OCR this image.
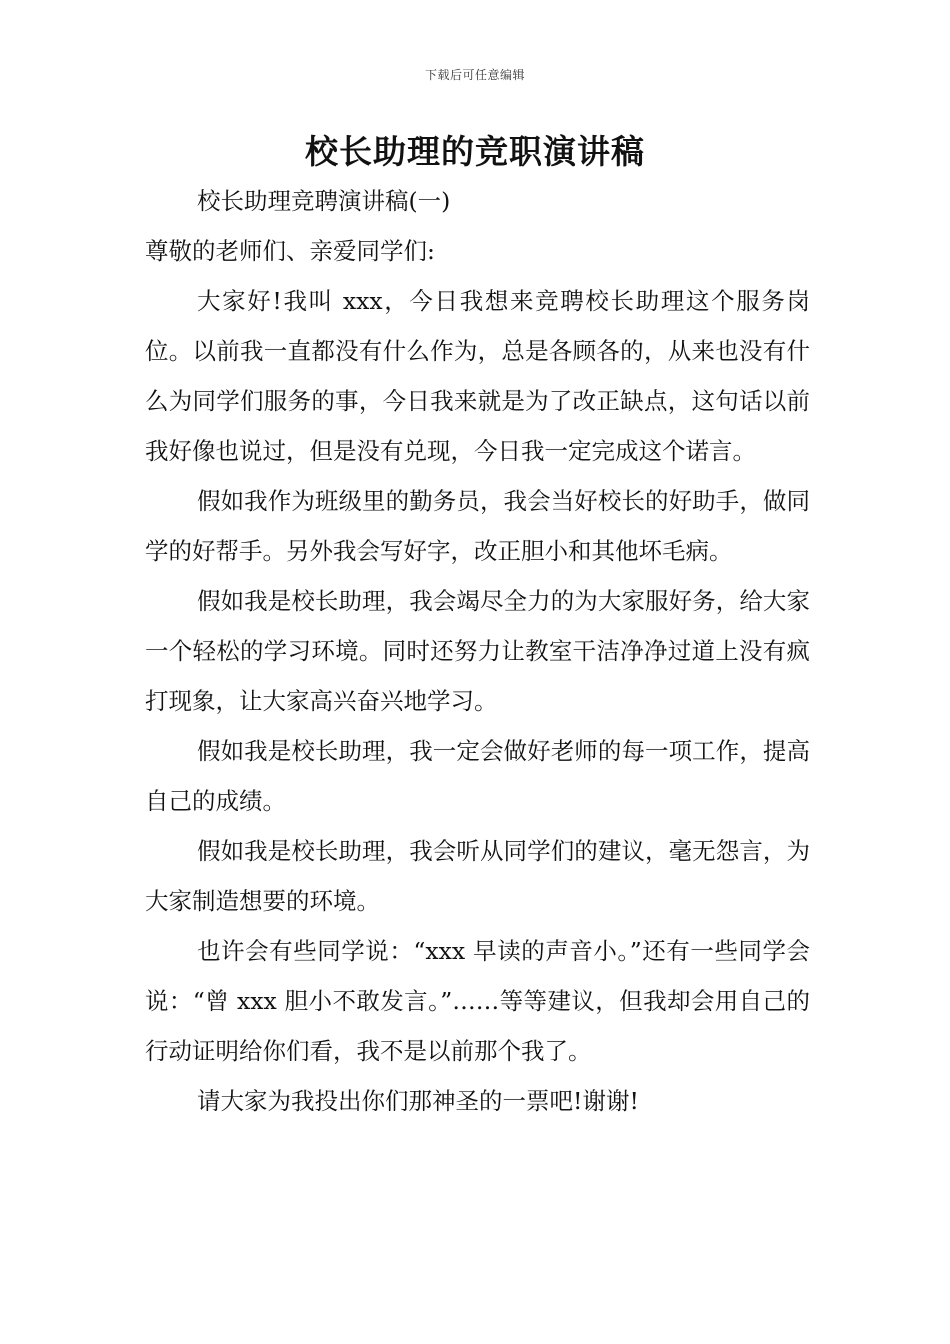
下载后可任意编辑
校长助理的竞职演讲稿

校长助理竞聘演讲稿(一)

尊敬的老师们、亲爱同学们:

大家好!我叫 xxx，今日我想来竞聘校长助理这个服务岗位。以前我一直都没有什么作为，总是各顾各的，从来也没有什么为同学们服务的事，今日我来就是为了改正缺点，这句话以前我好像也说过，但是没有兑现，今日我一定完成这个诺言。

假如我作为班级里的勤务员，我会当好校长的好助手，做同学的好帮手。另外我会写好字，改正胆小和其他坏毛病。

假如我是校长助理，我会竭尽全力的为大家服好务，给大家一个轻松的学习环境。同时还努力让教室干洁净净过道上没有疯打现象，让大家高兴奋兴地学习。

假如我是校长助理，我一定会做好老师的每一项工作，提高自己的成绩。

假如我是校长助理，我会听从同学们的建议，毫无怨言，为大家制造想要的环境。

也许会有些同学说：“xxx 早读的声音小。”还有一些同学会说：“曾 xxx 胆小不敢发言。”……等等建议，但我却会用自己的行动证明给你们看，我不是以前那个我了。

请大家为我投出你们那神圣的一票吧!谢谢!
